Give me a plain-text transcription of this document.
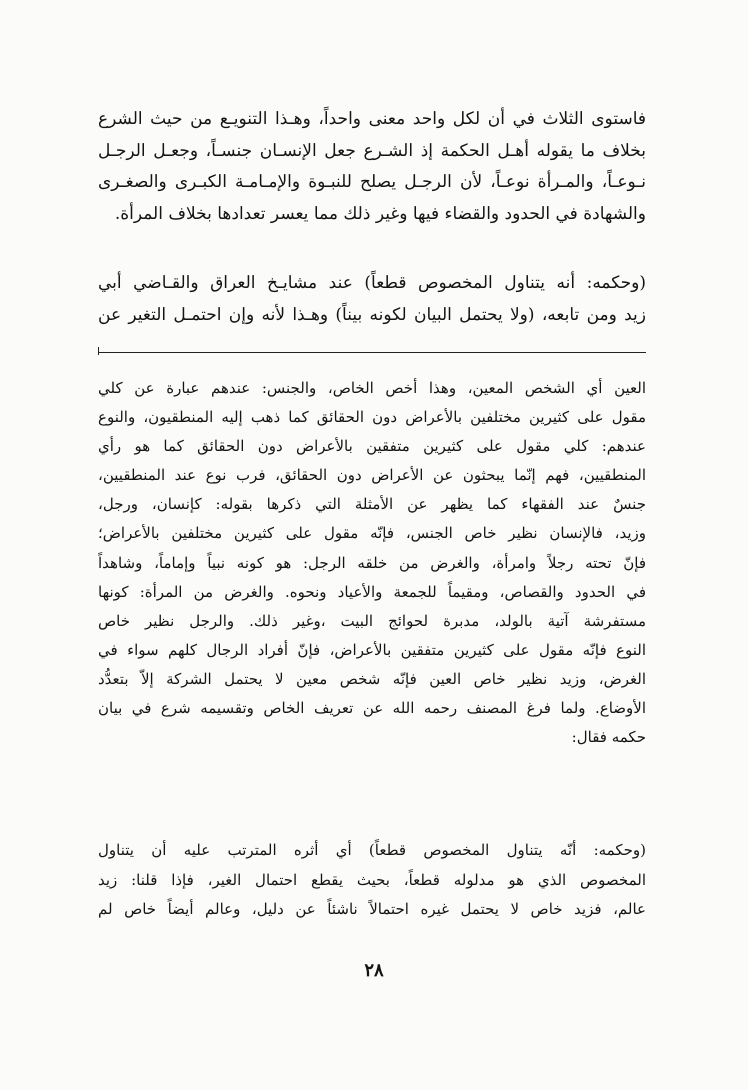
فاستوى الثلاث في أن لكل واحد معنى واحداً، وهـذا التنويـع من حيث الشرع
بخلاف ما يقوله أهـل الحكمة إذ الشـرع جعل الإنسـان جنسـاً، وجعـل الرجـل
نـوعـاً، والمـرأة نوعـاً، لأن الرجـل يصلح للنبـوة والإمـامـة الكبـرى والصغـرى
والشهادة في الحدود والقضاء فيها وغير ذلك مما يعسر تعدادها بخلاف المرأة.
(وحكمه: أنه يتناول المخصوص قطعاً) عند مشايـخ العراق والقـاضي أبي
زيد ومن تابعه، (ولا يحتمل البيان لكونه بيناً) وهـذا لأنه وإن احتمـل التغير عن
العين أي الشخص المعين، وهذا أخص الخاص، والجنس: عندهم عبارة عن كلي
مقول على كثيرين مختلفين بالأعراض دون الحقائق كما ذهب إليه المنطقيون، والنوع
عندهم: كلي مقول على كثيرين متفقين بالأعراض دون الحقائق كما هو رأي
المنطقيين، فهم إنّما يبحثون عن الأعراض دون الحقائق، فرب نوع عند المنطقيين،
جنسٌ عند الفقهاء كما يظهر عن الأمثلة التي ذكرها بقوله: كإنسان، ورجل،
وزيد، فالإنسان نظير خاص الجنس، فإنّه مقول على كثيرين مختلفين بالأعراض؛
فإنّ تحته رجلاً وامرأة، والغرض من خلقه الرجل: هو كونه نبياً وإماماً، وشاهداً
في الحدود والقصاص، ومقيماً للجمعة والأعياد ونحوه. والغرض من المرأة: كونها
مستفرشة آتية بالولد، مدبرة لحوائج البيت ،وغير ذلك. والرجل نظير خاص
النوع فإنّه مقول على كثيرين متفقين بالأعراض، فإنّ أفراد الرجال كلهم سواء في
الغرض، وزيد نظير خاص العين فإنّه شخص معين لا يحتمل الشركة إلاّ بتعدُّد
الأوضاع. ولما فرغ المصنف رحمه الله عن تعريف الخاص وتقسيمه شرع في بيان
حكمه فقال:
(وحكمه: أنّه يتناول المخصوص قطعاً) أي أثره المترتب عليه أن يتناول
المخصوص الذي هو مدلوله قطعاً، بحيث يقطع احتمال الغير، فإذا قلنا: زيد
عالم، فزيد خاص لا يحتمل غيره احتمالاً ناشئاً عن دليل، وعالم أيضاً خاص لم
٢٨
